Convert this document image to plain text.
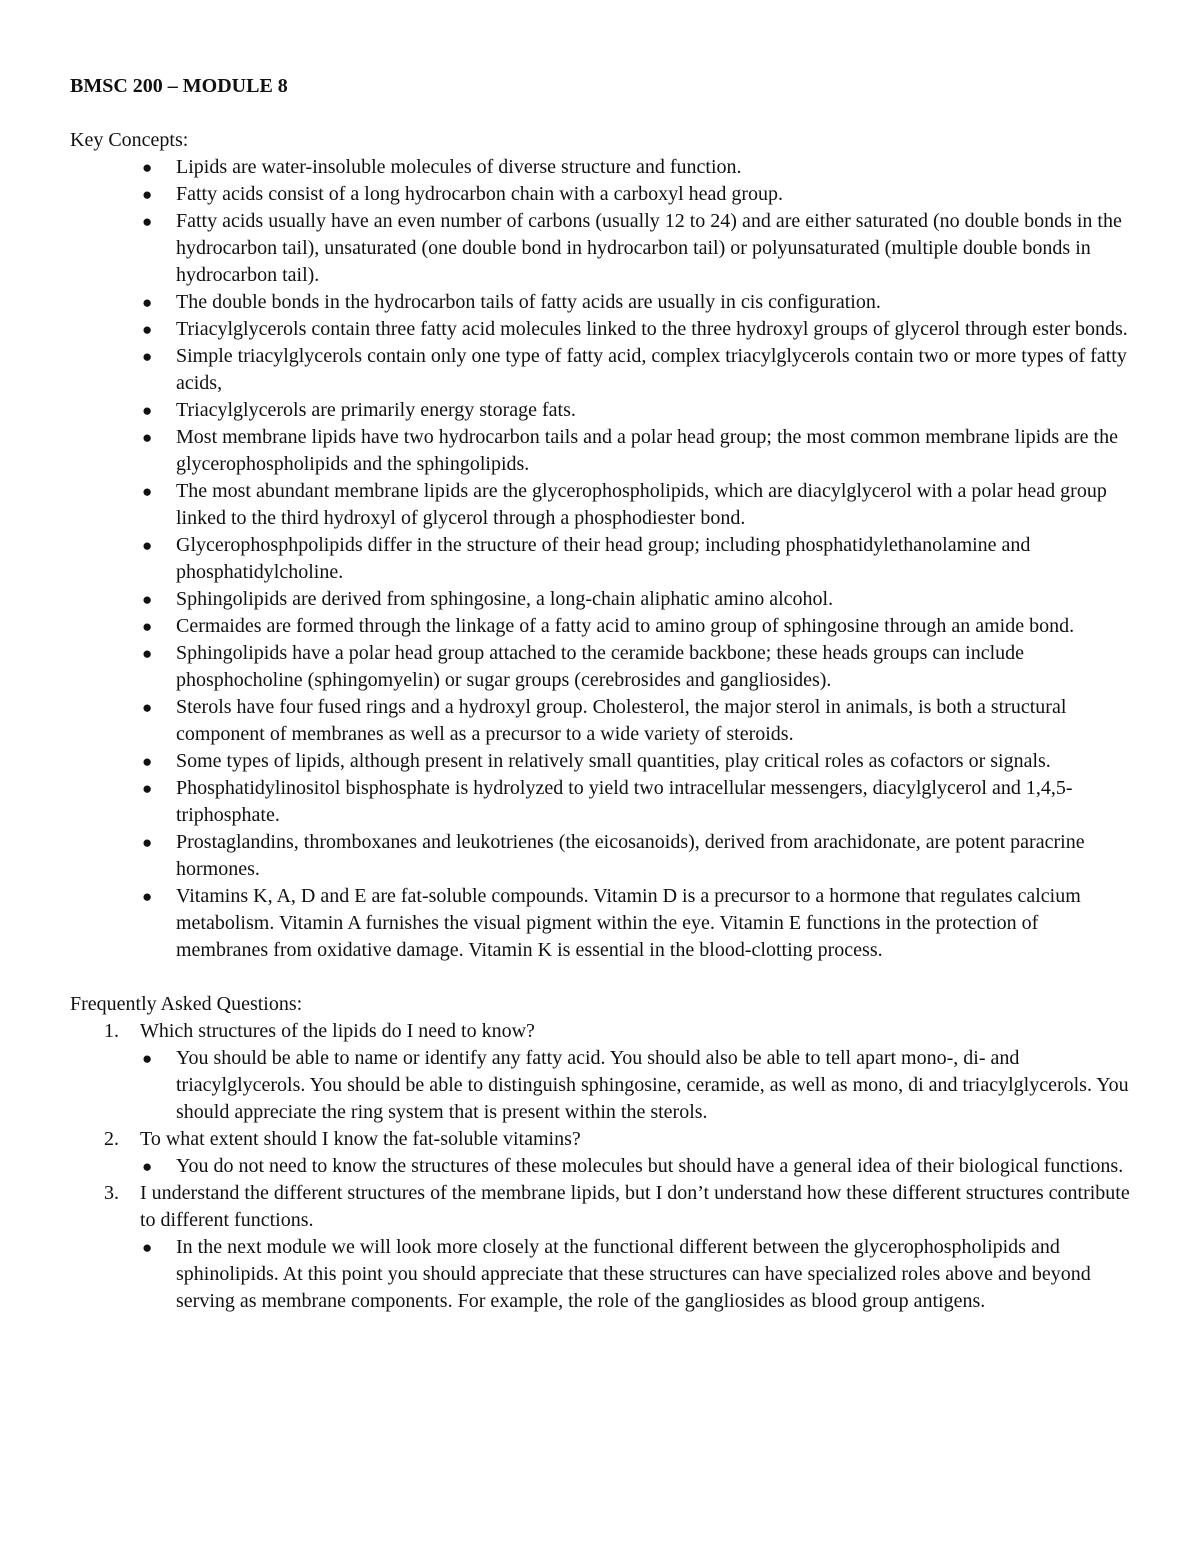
BMSC 200 – MODULE 8
Key Concepts:
●	Lipids are water-insoluble molecules of diverse structure and function.
●	Fatty acids consist of a long hydrocarbon chain with a carboxyl head group.
●	Fatty acids usually have an even number of carbons (usually 12 to 24) and are either saturated (no double bonds in the hydrocarbon tail), unsaturated (one double bond in hydrocarbon tail) or polyunsaturated (multiple double bonds in hydrocarbon tail).
●	The double bonds in the hydrocarbon tails of fatty acids are usually in cis configuration.
●	Triacylglycerols contain three fatty acid molecules linked to the three hydroxyl groups of glycerol through ester bonds.
●	Simple triacylglycerols contain only one type of fatty acid, complex triacylglycerols contain two or more types of fatty acids,
●	Triacylglycerols are primarily energy storage fats.
●	Most membrane lipids have two hydrocarbon tails and a polar head group; the most common membrane lipids are the glycerophospholipids and the sphingolipids.
●	The most abundant membrane lipids are the glycerophospholipids, which are diacylglycerol with a polar head group linked to the third hydroxyl of glycerol through a phosphodiester bond.
●	Glycerophosphpolipids differ in the structure of their head group; including phosphatidylethanolamine and phosphatidylcholine.
●	Sphingolipids are derived from sphingosine, a long-chain aliphatic amino alcohol.
●	Cermaides are formed through the linkage of a fatty acid to amino group of sphingosine through an amide bond.
●	Sphingolipids have a polar head group attached to the ceramide backbone; these heads groups can include phosphocholine (sphingomyelin) or sugar groups (cerebrosides and gangliosides).
●	Sterols have four fused rings and a hydroxyl group. Cholesterol, the major sterol in animals, is both a structural component of membranes as well as a precursor to a wide variety of steroids.
●	Some types of lipids, although present in relatively small quantities, play critical roles as cofactors or signals.
●	Phosphatidylinositol bisphosphate is hydrolyzed to yield two intracellular messengers, diacylglycerol and 1,4,5-triphosphate.
●	Prostaglandins, thromboxanes and leukotrienes (the eicosanoids), derived from arachidonate, are potent paracrine hormones.
●	Vitamins K, A, D and E are fat-soluble compounds. Vitamin D is a precursor to a hormone that regulates calcium metabolism. Vitamin A furnishes the visual pigment within the eye. Vitamin E functions in the protection of membranes from oxidative damage. Vitamin K is essential in the blood-clotting process.
Frequently Asked Questions:
1. Which structures of the lipids do I need to know?
● You should be able to name or identify any fatty acid. You should also be able to tell apart mono-, di- and triacylglycerols. You should be able to distinguish sphingosine, ceramide, as well as mono, di and triacylglycerols. You should appreciate the ring system that is present within the sterols.
2. To what extent should I know the fat-soluble vitamins?
● You do not need to know the structures of these molecules but should have a general idea of their biological functions.
3. I understand the different structures of the membrane lipids, but I don’t understand how these different structures contribute to different functions.
● In the next module we will look more closely at the functional different between the glycerophospholipids and sphinolipids. At this point you should appreciate that these structures can have specialized roles above and beyond serving as membrane components. For example, the role of the gangliosides as blood group antigens.
